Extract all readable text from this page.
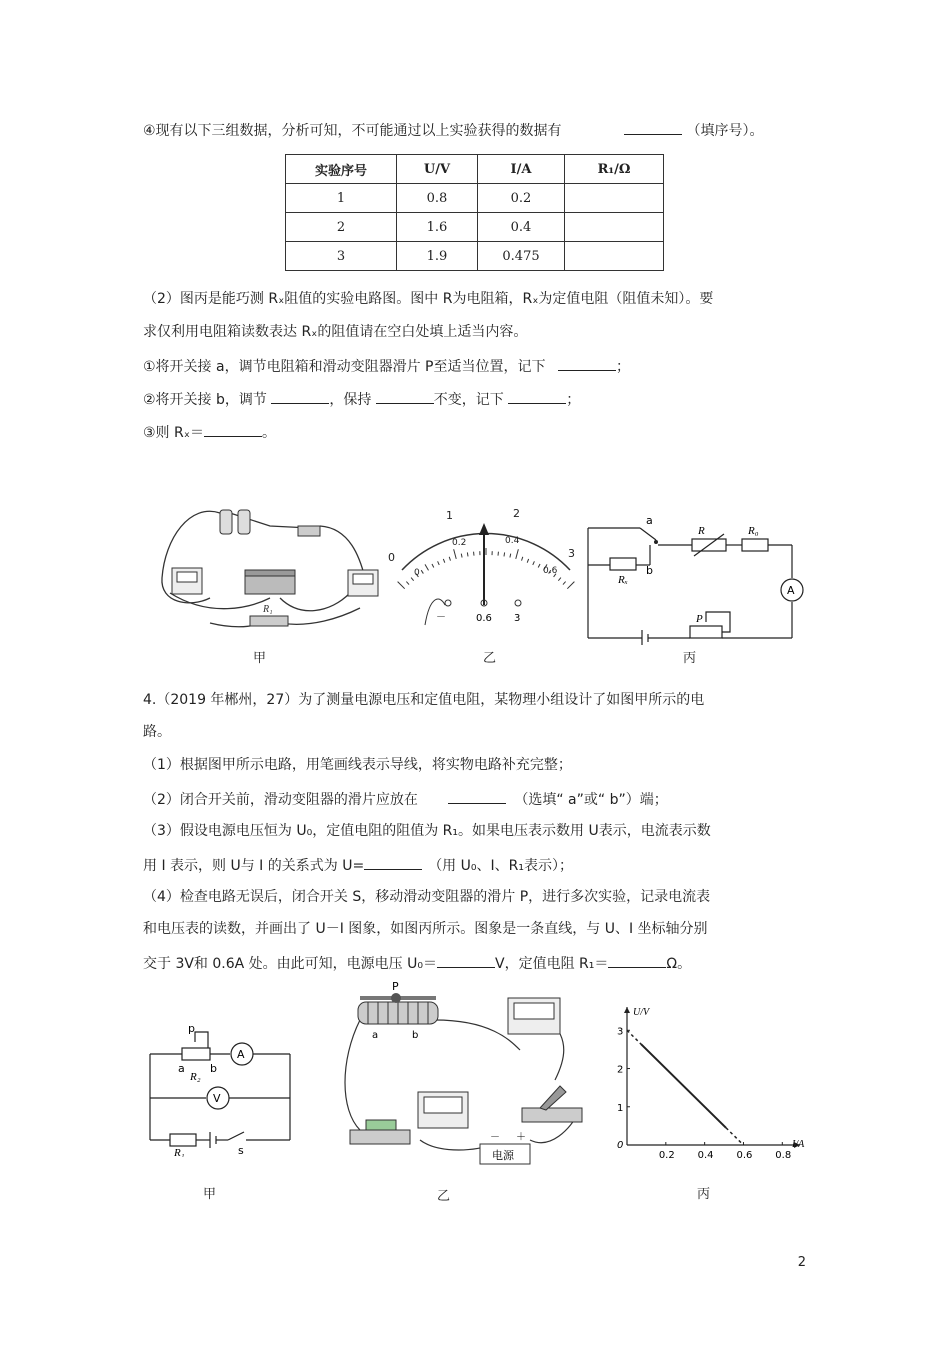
④现有以下三组数据，分析可知，不可能通过以上实验获得的数据有	（填序号）。
实验序号	U/V	I/A	R₁/Ω
1	0.8	0.2	
2	1.6	0.4	
3	1.9	0.475	
（2）图丙是能巧测 Rₓ阻值的实验电路图。图中 R为电阻箱，Rₓ为定值电阻（阻值未知）。要
求仅利用电阻箱读数表达 Rₓ的阻值请在空白处填上适当内容。
①将开关接 a，调节电阻箱和滑动变阻器滑片 P至适当位置，记下	；
②将开关接 b，调节	，保持	不变，记下	；
③则 Rₓ＝	。
R₁
甲
0
1	2
3
0
0.2	0.4
0.6
－	0.6 3
乙
a
b
R	R₀
Rₓ
P
A
丙
4.（2019 年郴州，27）为了测量电源电压和定值电阻，某物理小组设计了如图甲所示的电
路。
（1）根据图甲所示电路，用笔画线表示导线，将实物电路补充完整；
（2）闭合开关前，滑动变阻器的滑片应放在	（选填“ a”或“ b”）端；
（3）假设电源电压恒为 U₀，定值电阻的阻值为 R₁。如果电压表示数用 U表示，电流表示数
用 I 表示，则 U与 I 的关系式为 U=	（用 U₀、I、R₁表示）；
（4）检查电路无误后，闭合开关 S，移动滑动变阻器的滑片 P，进行多次实验，记录电流表
和电压表的读数，并画出了 U－I 图象，如图丙所示。图象是一条直线，与 U、I 坐标轴分别
交于 3V和 0.6A 处。由此可知，电源电压 U₀＝	V，定值电阻 R₁＝	Ω。
p
a b
R₂
A
V
R₁	s
甲
P
a	b
电源
－ ＋
乙
I/A
U/V
0
0.2 0.4 0.6 0.8
1
2
3
丙
2
